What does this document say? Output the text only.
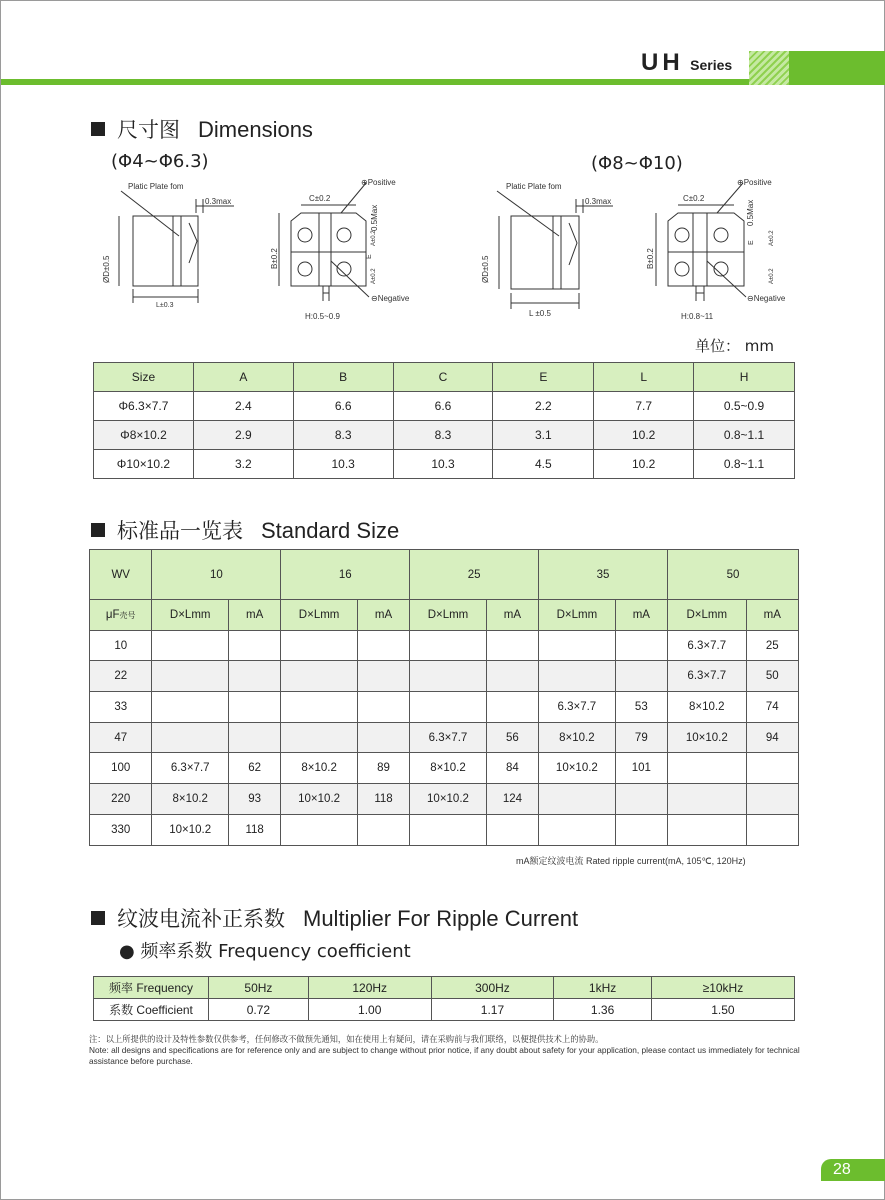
UH Series
尺寸图 Dimensions
(Φ4~Φ6.3)	(Φ8~Φ10)
Platic Plate fom
0.3max
ØD±0.5
L±0.3
C±0.2
⊕Positive
⊖Negative
B±0.2
0.5Max
A±0.2
A±0.2
E
H:0.5~0.9
Platic Plate fom
0.3max
ØD±0.5
L ±0.5
C±0.2
⊕Positive
⊖Negative
B±0.2
0.5Max
A±0.2
A±0.2
E
H:0.8~11
单位： mm
Size	A	B	C	E	L	H
Φ6.3×7.7	2.4	6.6	6.6	2.2	7.7	0.5~0.9
Φ8×10.2	2.9	8.3	8.3	3.1	10.2	0.8~1.1
Φ10×10.2	3.2	10.3	10.3	4.5	10.2	0.8~1.1
标准品一览表 Standard Size
WV	10		16		25		35		50	
μF壳号	D×Lmm	mA	D×Lmm	mA	D×Lmm	mA	D×Lmm	mA	D×Lmm	mA
10									6.3×7.7	25
22									6.3×7.7	50
33							6.3×7.7	53	8×10.2	74
47					6.3×7.7	56	8×10.2	79	10×10.2	94
100	6.3×7.7	62	8×10.2	89	8×10.2	84	10×10.2	101		
220	8×10.2	93	10×10.2	118	10×10.2	124				
330	10×10.2	118								
mA额定纹波电流 Rated ripple current(mA, 105℃, 120Hz)
纹波电流补正系数 Multiplier For Ripple Current
● 频率系数 Frequency coefficient
频率 Frequency	50Hz	120Hz	300Hz	1kHz	≥10kHz
系数 Coefficient	0.72	1.00	1.17	1.36	1.50
注：以上所提供的设计及特性参数仅供参考，任何修改不做预先通知，如在使用上有疑问，请在采购前与我们联络，以便提供技术上的协助。
Note: all designs and specifications are for reference only and are subject to change without prior notice, if any doubt about safety for your application, please contact us immediately for technical assistance before purchase.
28
